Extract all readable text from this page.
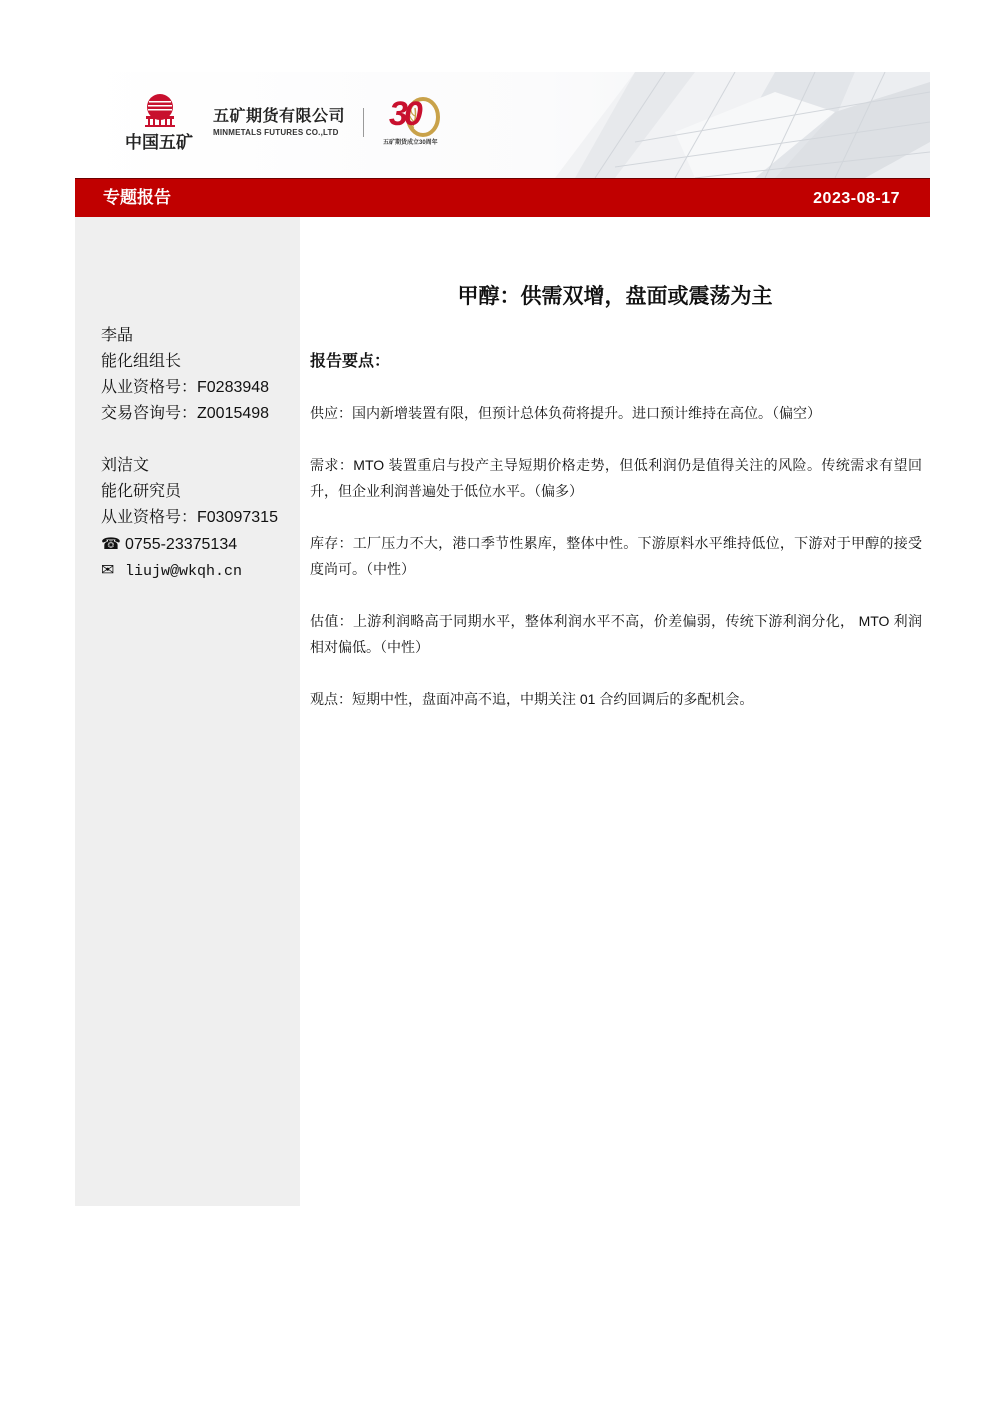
中国五矿
五矿期货有限公司
MINMETALS FUTURES CO.,LTD 30
五矿期货成立30周年
专题报告	2023-08-17
李晶
能化组组长
从业资格号：F0283948
交易咨询号：Z0015498
刘洁文
能化研究员
从业资格号：F03097315
☎ 0755-23375134
✉ liujw@wkqh.cn
甲醇：供需双增，盘面或震荡为主
报告要点：

供应：国内新增装置有限，但预计总体负荷将提升。进口预计维持在高位。（偏空）

需求：MTO 装置重启与投产主导短期价格走势，但低利润仍是值得关注的风险。传统需求有望回升，但企业利润普遍处于低位水平。（偏多）

库存：工厂压力不大，港口季节性累库，整体中性。下游原料水平维持低位，下游对于甲醇的接受度尚可。（中性）

估值：上游利润略高于同期水平，整体利润水平不高，价差偏弱，传统下游利润分化， MTO 利润相对偏低。（中性）

观点：短期中性，盘面冲高不追，中期关注 01 合约回调后的多配机会。
